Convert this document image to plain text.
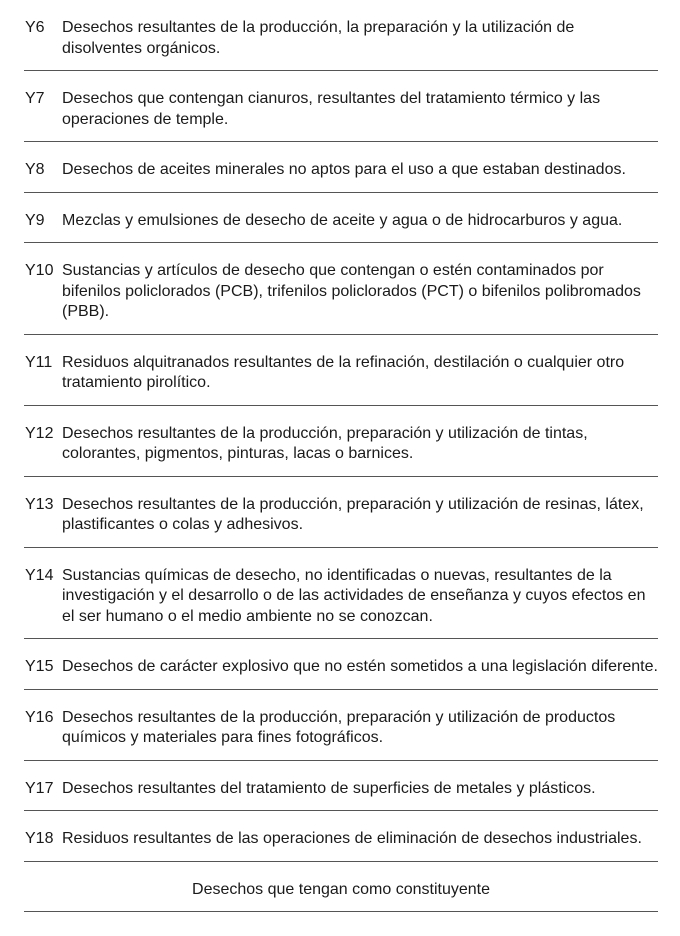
Y6	Desechos resultantes de la producción, la preparación y la utilización de disolventes orgánicos.
Y7	Desechos que contengan cianuros, resultantes del tratamiento térmico y las operaciones de temple.
Y8	Desechos de aceites minerales no aptos para el uso a que estaban destinados.
Y9	Mezclas y emulsiones de desecho de aceite y agua o de hidrocarburos y agua.
Y10 Sustancias y artículos de desecho que contengan o estén contaminados por bifenilos policlorados (PCB), trifenilos policlorados (PCT) o bifenilos polibromados (PBB).
Y11 Residuos alquitranados resultantes de la refinación, destilación o cualquier otro tratamiento pirolítico.
Y12 Desechos resultantes de la producción, preparación y utilización de tintas, colorantes, pigmentos, pinturas, lacas o barnices.
Y13 Desechos resultantes de la producción, preparación y utilización de resinas, látex, plastificantes o colas y adhesivos.
Y14 Sustancias químicas de desecho, no identificadas o nuevas, resultantes de la investigación y el desarrollo o de las actividades de enseñanza y cuyos efectos en el ser humano o el medio ambiente no se conozcan.
Y15 Desechos de carácter explosivo que no estén sometidos a una legislación diferente.
Y16 Desechos resultantes de la producción, preparación y utilización de productos químicos y materiales para fines fotográficos.
Y17 Desechos resultantes del tratamiento de superficies de metales y plásticos.
Y18 Residuos resultantes de las operaciones de eliminación de desechos industriales.
Desechos que tengan como constituyente
